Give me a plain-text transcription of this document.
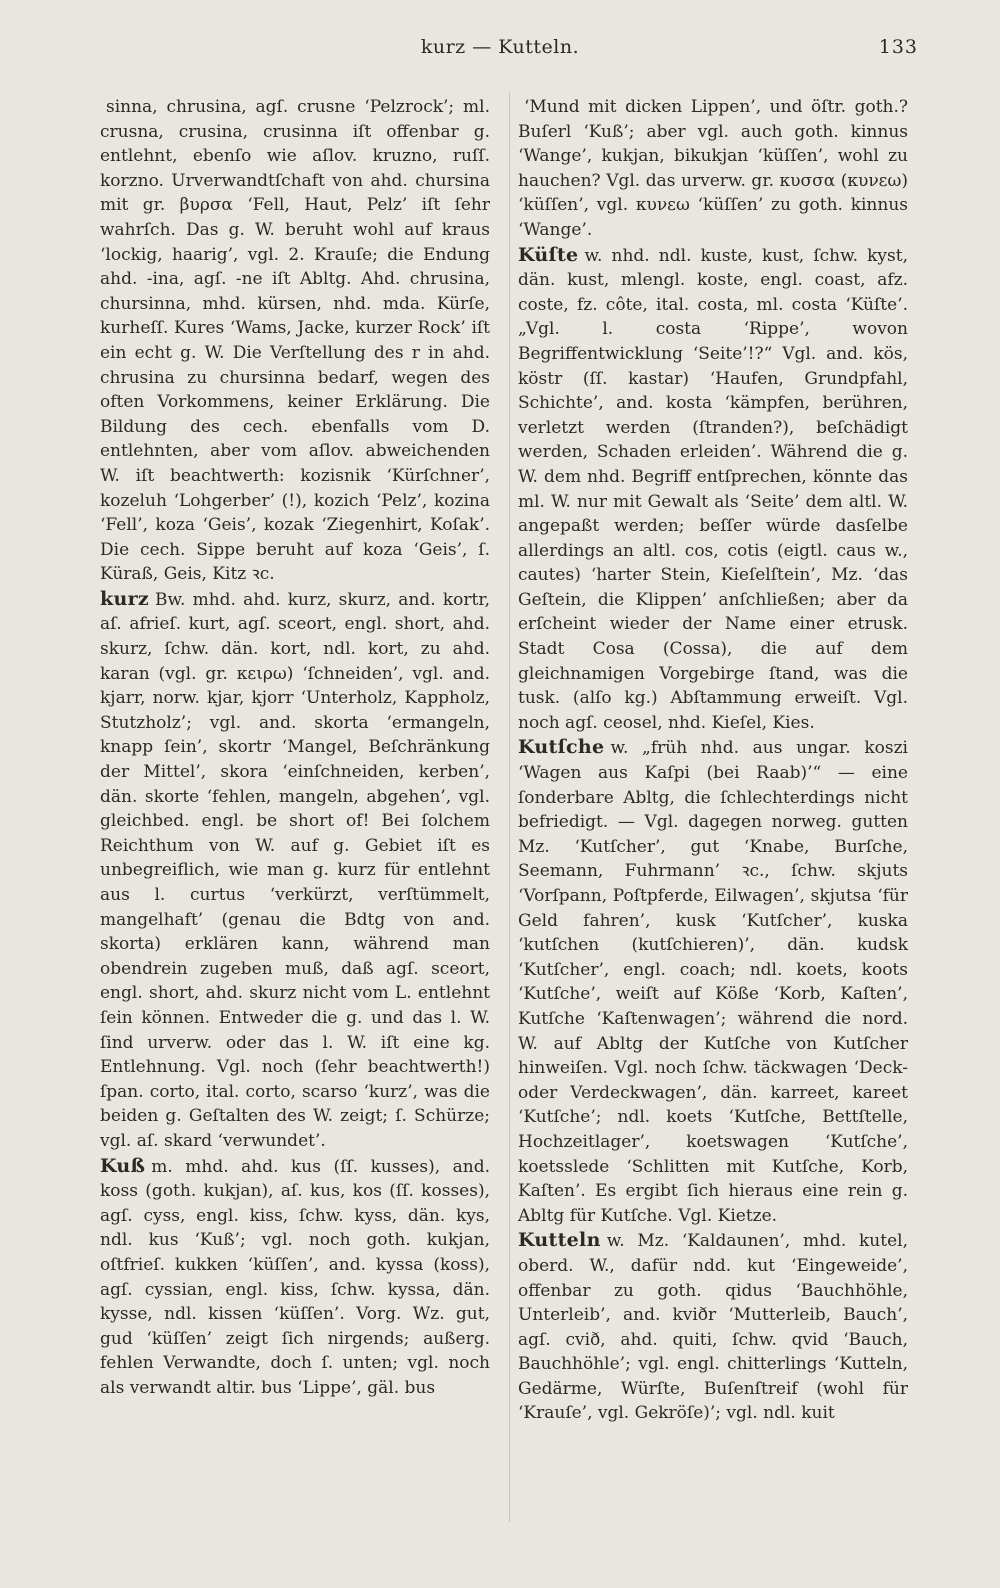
kurz — Kutteln.	133

sinna, chrusina, agſ. crusne ‘Pelzrock’; ml. crusna, crusina, crusinna iſt offenbar g. entlehnt, ebenſo wie aſlov. kruzno, ruſſ. korzno. Urverwandtſchaft von ahd. chursina mit gr. βυρσα ‘Fell, Haut, Pelz’ iſt ſehr wahrſch. Das g. W. beruht wohl auf kraus ‘lockig, haarig’, vgl. 2. Krauſe; die Endung ahd. -ina, agſ. -ne iſt Abltg. Ahd. chrusina, chursinna, mhd. kürsen, nhd. mda. Kürſe, kurheſſ. Kures ‘Wams, Jacke, kurzer Rock’ iſt ein echt g. W. Die Verſtellung des r in ahd. chrusina zu chursinna bedarf, wegen des often Vorkommens, keiner Erklärung. Die Bildung des cech. ebenfalls vom D. entlehnten, aber vom aſlov. abweichenden W. iſt beachtwerth: kozisnik ‘Kürſchner’, kozeluh ‘Lohgerber’ (!), kozich ‘Pelz’, kozina ‘Fell’, koza ‘Geis’, kozak ‘Ziegenhirt, Koſak’. Die cech. Sippe beruht auf koza ‘Geis’, ſ. Küraß, Geis, Kitz ꝛc.

kurz Bw. mhd. ahd. kurz, skurz, and. kortr, aſ. afrieſ. kurt, agſ. sceort, engl. short, ahd. skurz, ſchw. dän. kort, ndl. kort, zu ahd. karan (vgl. gr. κειρω) ‘ſchneiden’, vgl. and. kjarr, norw. kjar, kjorr ‘Unterholz, Kappholz, Stutzholz’; vgl. and. skorta ‘ermangeln, knapp ſein’, skortr ‘Mangel, Beſchränkung der Mittel’, skora ‘einſchneiden, kerben’, dän. skorte ‘fehlen, mangeln, abgehen’, vgl. gleichbed. engl. be short of! Bei ſolchem Reichthum von W. auf g. Gebiet iſt es unbegreiflich, wie man g. kurz für entlehnt aus l. curtus ‘verkürzt, verſtümmelt, mangelhaft’ (genau die Bdtg von and. skorta) erklären kann, während man obendrein zugeben muß, daß agſ. sceort, engl. short, ahd. skurz nicht vom L. entlehnt ſein können. Entweder die g. und das l. W. ſind urverw. oder das l. W. iſt eine kg. Entlehnung. Vgl. noch (ſehr beachtwerth!) ſpan. corto, ital. corto, scarso ‘kurz’, was die beiden g. Geſtalten des W. zeigt; ſ. Schürze; vgl. aſ. skard ‘verwundet’.

Kuß m. mhd. ahd. kus (ſſ. kusses), and. koss (goth. kukjan), aſ. kus, kos (ſſ. kosses), agſ. cyss, engl. kiss, ſchw. kyss, dän. kys, ndl. kus ‘Kuß’; vgl. noch goth. kukjan, oſtfrieſ. kukken ‘küſſen’, and. kyssa (koss), agſ. cyssian, engl. kiss, ſchw. kyssa, dän. kysse, ndl. kissen ‘küſſen’. Vorg. Wz. gut, gud ‘küſſen’ zeigt ſich nirgends; außerg. fehlen Verwandte, doch ſ. unten; vgl. noch als verwandt altir. bus ‘Lippe’, gäl. bus

‘Mund mit dicken Lippen’, und öſtr. goth.? Buſerl ‘Kuß’; aber vgl. auch goth. kinnus ‘Wange’, kukjan, bikukjan ‘küſſen’, wohl zu hauchen? Vgl. das urverw. gr. κυσσα (κυνεω) ‘küſſen’, vgl. κυνεω ‘küſſen’ zu goth. kinnus ‘Wange’.

Küſte w. nhd. ndl. kuste, kust, ſchw. kyst, dän. kust, mlengl. koste, engl. coast, afz. coste, fz. côte, ital. costa, ml. costa ‘Küſte’. „Vgl. l. costa ‘Rippe’, wovon Begriffentwicklung ‘Seite’!?“ Vgl. and. kös, köstr (ſſ. kastar) ‘Haufen, Grundpfahl, Schichte’, and. kosta ‘kämpfen, berühren, verletzt werden (ſtranden?), beſchädigt werden, Schaden erleiden’. Während die g. W. dem nhd. Begriff entſprechen, könnte das ml. W. nur mit Gewalt als ‘Seite’ dem altl. W. angepaßt werden; beſſer würde dasſelbe allerdings an altl. cos, cotis (eigtl. caus w., cautes) ‘harter Stein, Kieſelſtein’, Mz. ‘das Geſtein, die Klippen’ anſchließen; aber da erſcheint wieder der Name einer etrusk. Stadt Cosa (Cossa), die auf dem gleichnamigen Vorgebirge ſtand, was die tusk. (alſo kg.) Abſtammung erweiſt. Vgl. noch agſ. ceosel, nhd. Kieſel, Kies.

Kutſche w. „früh nhd. aus ungar. koszi ‘Wagen aus Kaſpi (bei Raab)’“ — eine ſonderbare Abltg, die ſchlechterdings nicht befriedigt. — Vgl. dagegen norweg. gutten Mz. ‘Kutſcher’, gut ‘Knabe, Burſche, Seemann, Fuhrmann’ ꝛc., ſchw. skjuts ‘Vorſpann, Poſtpferde, Eilwagen’, skjutsa ‘für Geld fahren’, kusk ‘Kutſcher’, kuska ‘kutſchen (kutſchieren)’, dän. kudsk ‘Kutſcher’, engl. coach; ndl. koets, koots ‘Kutſche’, weiſt auf Köße ‘Korb, Kaſten’, Kutſche ‘Kaſtenwagen’; während die nord. W. auf Abltg der Kutſche von Kutſcher hinweiſen. Vgl. noch ſchw. täckwagen ‘Deck- oder Verdeckwagen’, dän. karreet, kareet ‘Kutſche’; ndl. koets ‘Kutſche, Bettſtelle, Hochzeitlager’, koetswagen ‘Kutſche’, koetsslede ‘Schlitten mit Kutſche, Korb, Kaſten’. Es ergibt ſich hieraus eine rein g. Abltg für Kutſche. Vgl. Kietze.

Kutteln w. Mz. ‘Kaldaunen’, mhd. kutel, oberd. W., dafür ndd. kut ‘Eingeweide’, offenbar zu goth. qidus ‘Bauchhöhle, Unterleib’, and. kviðr ‘Mutterleib, Bauch’, agſ. cvið, ahd. quiti, ſchw. qvid ‘Bauch, Bauchhöhle’; vgl. engl. chitterlings ‘Kutteln, Gedärme, Würſte, Buſenſtreif (wohl für ‘Krauſe’, vgl. Gekröſe)’; vgl. ndl. kuit
